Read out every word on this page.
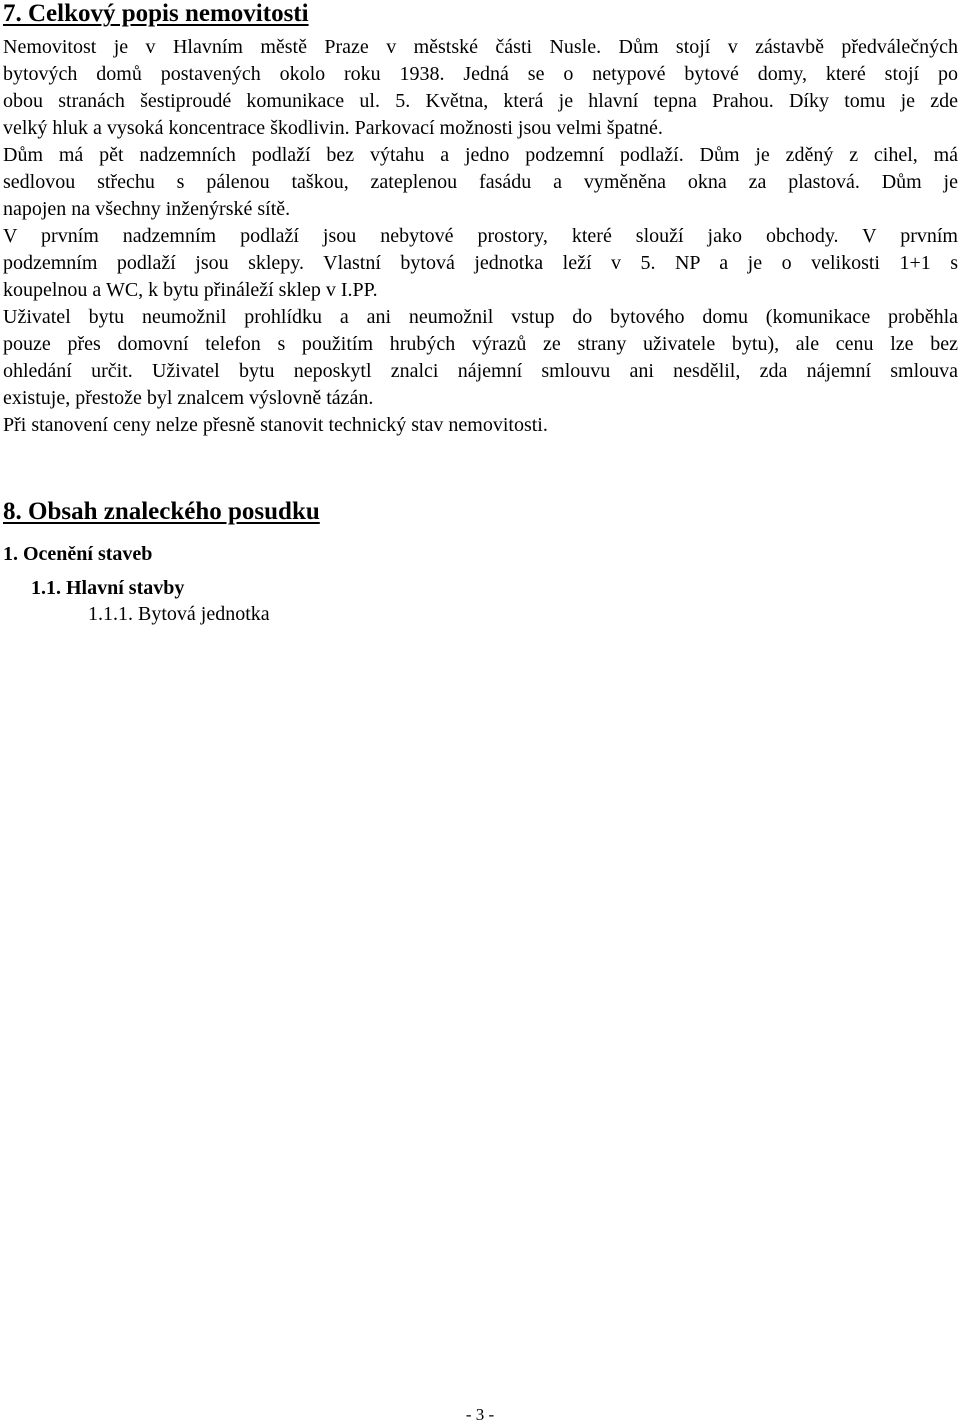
7. Celkový popis nemovitosti
Nemovitost je v Hlavním městě Praze v městské části Nusle. Dům stojí v zástavbě předválečných
bytových domů postavených okolo roku 1938. Jedná se o netypové bytové domy, které stojí po
obou stranách šestiproudé komunikace ul. 5. Května, která je hlavní tepna Prahou. Díky tomu je zde
velký hluk a vysoká koncentrace škodlivin. Parkovací možnosti jsou velmi špatné.
Dům má pět nadzemních podlaží bez výtahu a jedno podzemní podlaží. Dům je zděný z cihel, má
sedlovou střechu s pálenou taškou, zateplenou fasádu a vyměněna okna za plastová. Dům je
napojen na všechny inženýrské sítě.
V prvním nadzemním podlaží jsou nebytové prostory, které slouží jako obchody. V prvním
podzemním podlaží jsou sklepy. Vlastní bytová jednotka leží v 5. NP a je o velikosti 1+1 s
koupelnou a WC, k bytu přináleží sklep v I.PP.
Uživatel bytu neumožnil prohlídku a ani neumožnil vstup do bytového domu (komunikace proběhla
pouze přes domovní telefon s použitím hrubých výrazů ze strany uživatele bytu), ale cenu lze bez
ohledání určit. Uživatel bytu neposkytl znalci nájemní smlouvu ani nesdělil, zda nájemní smlouva
existuje, přestože byl znalcem výslovně tázán.
Při stanovení ceny nelze přesně stanovit technický stav nemovitosti.
8. Obsah znaleckého posudku
1. Ocenění staveb
1.1. Hlavní stavby
1.1.1. Bytová jednotka
- 3 -
